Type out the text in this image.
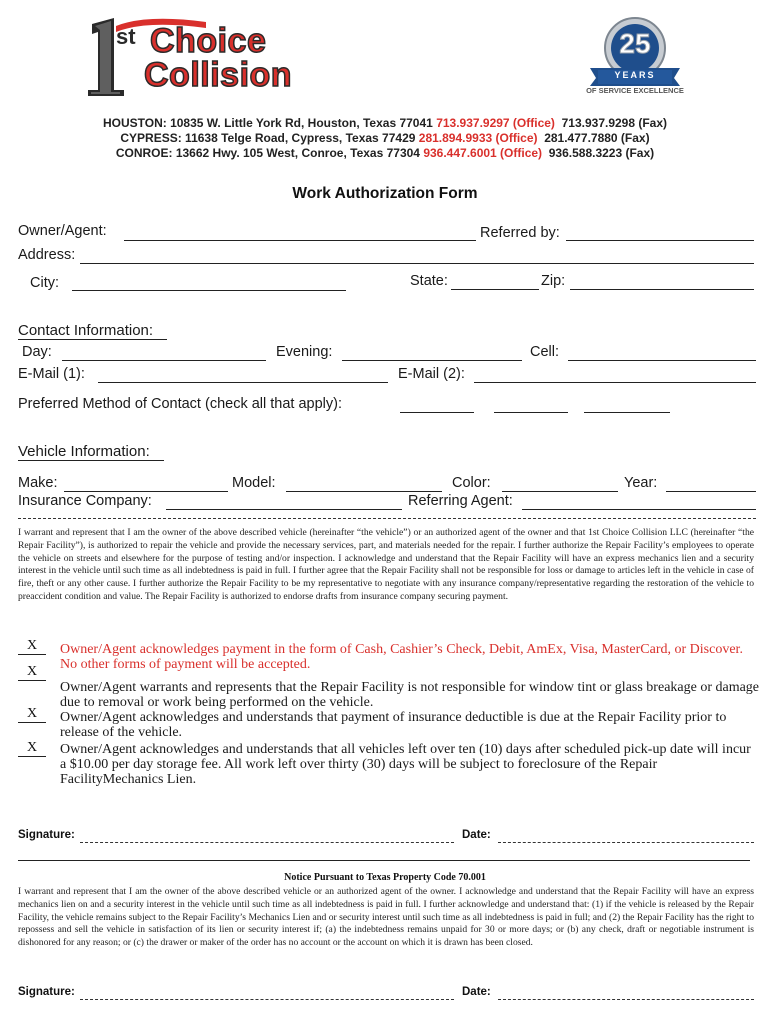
st Choice
Collision
25
YEARS
OF SERVICE EXCELLENCE
HOUSTON: 10835 W. Little York Rd, Houston, Texas 77041 713.937.9297 (Office) 713.937.9298 (Fax)
CYPRESS: 11638 Telge Road, Cypress, Texas 77429 281.894.9933 (Office) 281.477.7880 (Fax)
CONROE: 13662 Hwy. 105 West, Conroe, Texas 77304 936.447.6001 (Office) 936.588.3223 (Fax)
Work Authorization Form
Owner/Agent:	Referred by:
Address:
City:	State:	Zip:
Contact Information:
Day:	Evening:	Cell:
E-Mail (1):	E-Mail (2):
Preferred Method of Contact (check all that apply):
Vehicle Information:
Make:	Model:	Color:	Year:
Insurance Company:	Referring Agent:
I warrant and represent that I am the owner of the above described vehicle (hereinafter “the vehicle”) or an authorized agent of the owner and that 1st Choice Collision LLC (hereinafter “the Repair Facility”), is authorized to repair the vehicle and provide the necessary services, part, and materials needed for the repair. I further authorize the Repair Facility’s employees to operate the vehicle on streets and elsewhere for the purpose of testing and/or inspection. I acknowledge and understand that the Repair Facility will have an express mechanics lien and a security interest in the vehicle until such time as all indebtedness is paid in full. I further agree that the Repair Facility shall not be responsible for loss or damage to articles left in the vehicle in case of fire, theft or any other cause. I further authorize the Repair Facility to be my representative to negotiate with any insurance company/representative regarding the restoration of the vehicle to preaccident condition and value. The Repair Facility is authorized to endorse drafts from insurance company securing payment.
X	Owner/Agent acknowledges payment in the form of Cash, Cashier’s Check, Debit, AmEx, Visa, MasterCard, or Discover. No other forms of payment will be accepted.
X
Owner/Agent warrants and represents that the Repair Facility is not responsible for window tint or glass breakage or damage due to removal or work being performed on the vehicle.
X	Owner/Agent acknowledges and understands that payment of insurance deductible is due at the Repair Facility prior to release of the vehicle.
X	Owner/Agent acknowledges and understands that all vehicles left over ten (10) days after scheduled pick-up date will incur a $10.00 per day storage fee. All work left over thirty (30) days will be subject to foreclosure of the Repair FacilityMechanics Lien.
Signature:	Date:
Notice Pursuant to Texas Property Code 70.001
I warrant and represent that I am the owner of the above described vehicle or an authorized agent of the owner. I acknowledge and understand that the Repair Facility will have an express mechanics lien on and a security interest in the vehicle until such time as all indebtedness is paid in full. I further acknowledge and understand that: (1) if the vehicle is released by the Repair Facility, the vehicle remains subject to the Repair Facility’s Mechanics Lien and or security interest until such time as all indebtedness is paid in full; and (2) the Repair Facility has the right to repossess and sell the vehicle in satisfaction of its lien or security interest if; (a) the indebtedness remains unpaid for 30 or more days; or (b) any check, draft or negotiable instrument is dishonored for any reason; or (c) the drawer or maker of the order has no account or the account on which it is drawn has been closed.
Signature:	Date:
